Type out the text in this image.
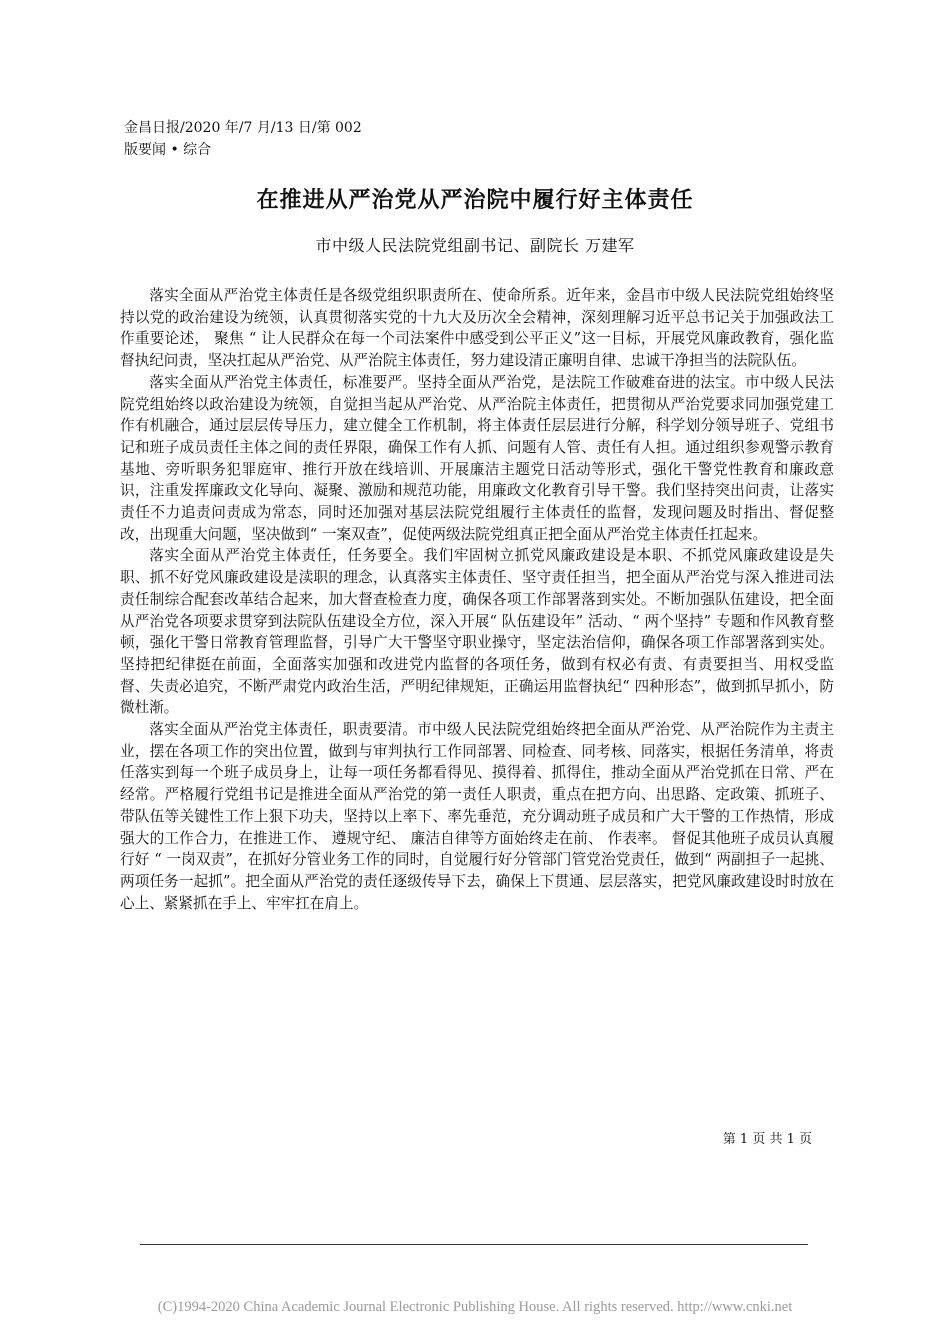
金昌日报/2020 年/7 月/13 日/第 002
版要闻 • 综合
在推进从严治党从严治院中履行好主体责任
市中级人民法院党组副书记、副院长 万建军

落实全面从严治党主体责任是各级党组织职责所在、使命所系。近年来，金昌市中级人民法院党组始终坚持以党的政治建设为统领，认真贯彻落实党的十九大及历次全会精神，深刻理解习近平总书记关于加强政法工作重要论述， 聚焦 “ 让人民群众在每一个司法案件中感受到公平正义”这一目标，开展党风廉政教育，强化监督执纪问责，坚决扛起从严治党、从严治院主体责任，努力建设清正廉明自律、忠诚干净担当的法院队伍。

落实全面从严治党主体责任，标准要严。坚持全面从严治党，是法院工作破难奋进的法宝。市中级人民法院党组始终以政治建设为统领，自觉担当起从严治党、从严治院主体责任，把贯彻从严治党要求同加强党建工作有机融合，通过层层传导压力，建立健全工作机制，将主体责任层层进行分解，科学划分领导班子、党组书记和班子成员责任主体之间的责任界限，确保工作有人抓、问题有人管、责任有人担。通过组织参观警示教育基地、旁听职务犯罪庭审、推行开放在线培训、开展廉洁主题党日活动等形式，强化干警党性教育和廉政意识，注重发挥廉政文化导向、凝聚、激励和规范功能，用廉政文化教育引导干警。我们坚持突出问责，让落实责任不力追责问责成为常态，同时还加强对基层法院党组履行主体责任的监督，发现问题及时指出、督促整改，出现重大问题，坚决做到“ 一案双查”，促使两级法院党组真正把全面从严治党主体责任扛起来。

落实全面从严治党主体责任，任务要全。我们牢固树立抓党风廉政建设是本职、不抓党风廉政建设是失职、抓不好党风廉政建设是渎职的理念，认真落实主体责任、坚守责任担当，把全面从严治党与深入推进司法责任制综合配套改革结合起来，加大督查检查力度，确保各项工作部署落到实处。不断加强队伍建设，把全面从严治党各项要求贯穿到法院队伍建设全方位，深入开展“ 队伍建设年” 活动、“ 两个坚持” 专题和作风教育整顿，强化干警日常教育管理监督，引导广大干警坚守职业操守，坚定法治信仰，确保各项工作部署落到实处。坚持把纪律挺在前面，全面落实加强和改进党内监督的各项任务，做到有权必有责、有责要担当、用权受监督、失责必追究，不断严肃党内政治生活，严明纪律规矩，正确运用监督执纪“ 四种形态”，做到抓早抓小，防微杜渐。

落实全面从严治党主体责任，职责要清。市中级人民法院党组始终把全面从严治党、从严治院作为主责主业，摆在各项工作的突出位置，做到与审判执行工作同部署、同检查、同考核、同落实，根据任务清单，将责任落实到每一个班子成员身上，让每一项任务都看得见、摸得着、抓得住，推动全面从严治党抓在日常、严在经常。严格履行党组书记是推进全面从严治党的第一责任人职责，重点在把方向、出思路、定政策、抓班子、带队伍等关键性工作上狠下功夫，坚持以上率下、率先垂范，充分调动班子成员和广大干警的工作热情，形成强大的工作合力，在推进工作、 遵规守纪、 廉洁自律等方面始终走在前、 作表率。 督促其他班子成员认真履行好 “ 一岗双责”，在抓好分管业务工作的同时，自觉履行好分管部门管党治党责任，做到“ 两副担子一起挑、两项任务一起抓”。把全面从严治党的责任逐级传导下去，确保上下贯通、层层落实，把党风廉政建设时时放在心上、紧紧抓在手上、牢牢扛在肩上。

第 1 页 共 1 页
(C)1994-2020 China Academic Journal Electronic Publishing House. All rights reserved. http://www.cnki.net
